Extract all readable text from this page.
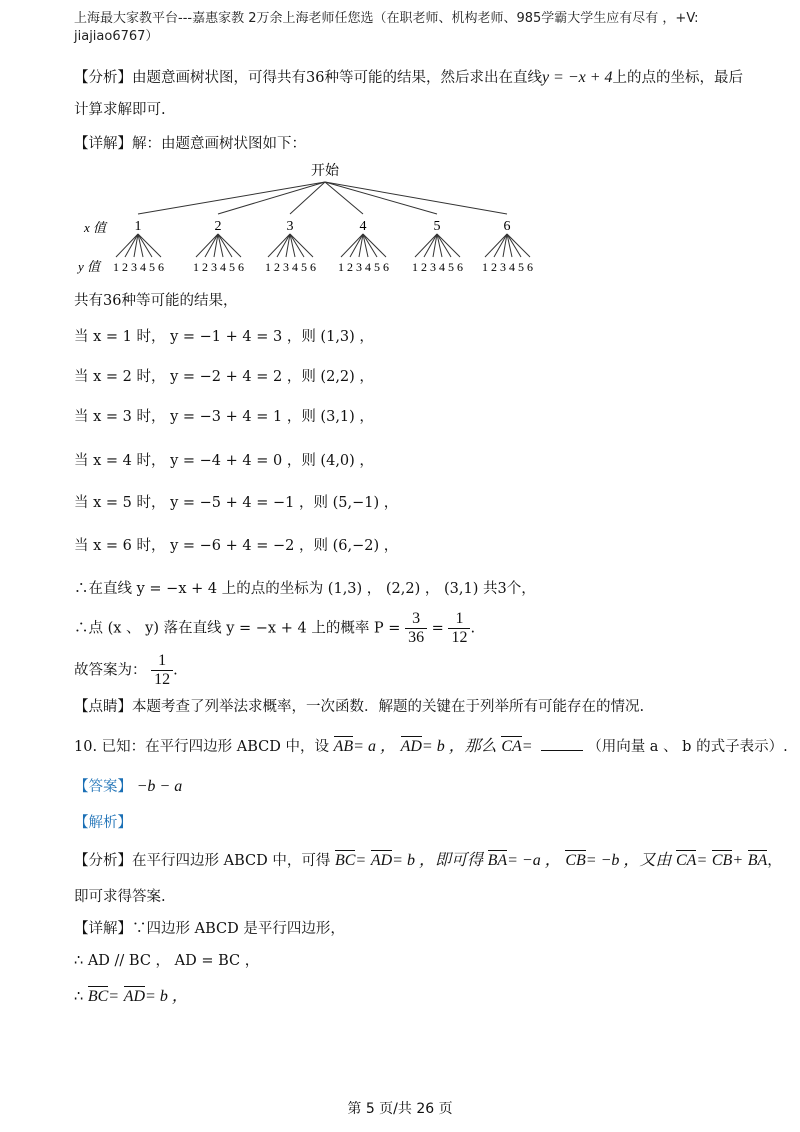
上海最大家教平台---嘉惠家教 2万余上海老师任您选（在职老师、机构老师、985学霸大学生应有尽有 ，+V: jiajiao6767）
【分析】由题意画树状图，可得共有36种等可能的结果，然后求出在直线y = −x + 4上的点的坐标，最后
计算求解即可.
【详解】解：由题意画树状图如下：
开始
x 值 1	2	3	4	5	6
y 值 1 2 3 4 5 6 1 2 3 4 5 6 1 2 3 4 5 6 1 2 3 4 5 6 1 2 3 4 5 6 1 2 3 4 5 6
共有36种等可能的结果，
当 x = 1 时， y = −1 + 4 = 3 ，则 (1,3) ，
当 x = 2 时， y = −2 + 4 = 2 ，则 (2,2) ，
当 x = 3 时， y = −3 + 4 = 1 ，则 (3,1) ，
当 x = 4 时， y = −4 + 4 = 0 ，则 (4,0) ，
当 x = 5 时， y = −5 + 4 = −1 ，则 (5,−1) ，
当 x = 6 时， y = −6 + 4 = −2 ，则 (6,−2) ，
∴在直线 y = −x + 4 上的点的坐标为 (1,3) ， (2,2) ， (3,1) 共3个，
∴点 (x 、 y) 落在直线 y = −x + 4 上的概率 $P = \frac{3}{36} = \frac{1}{12}$ .
故答案为： $\frac{1}{12}$ .
【点睛】本题考查了列举法求概率，一次函数．解题的关键在于列举所有可能存在的情况.
10. 已知：在平行四边形 ABCD 中，设 AB= a ， AD= b ，那么 CA=	（用向量 a 、 b 的式子表示）.
【答案】 −b − a
【解析】
【分析】在平行四边形 ABCD 中，可得 BC= AD= b ，即可得 BA= −a ， CB= −b ，又由 CA= CB+ BA，
即可求得答案.
【详解】∵四边形 ABCD 是平行四边形，
∴ AD // BC ， AD = BC ，
∴ BC= AD= b ，
第 5 页/共 26 页
